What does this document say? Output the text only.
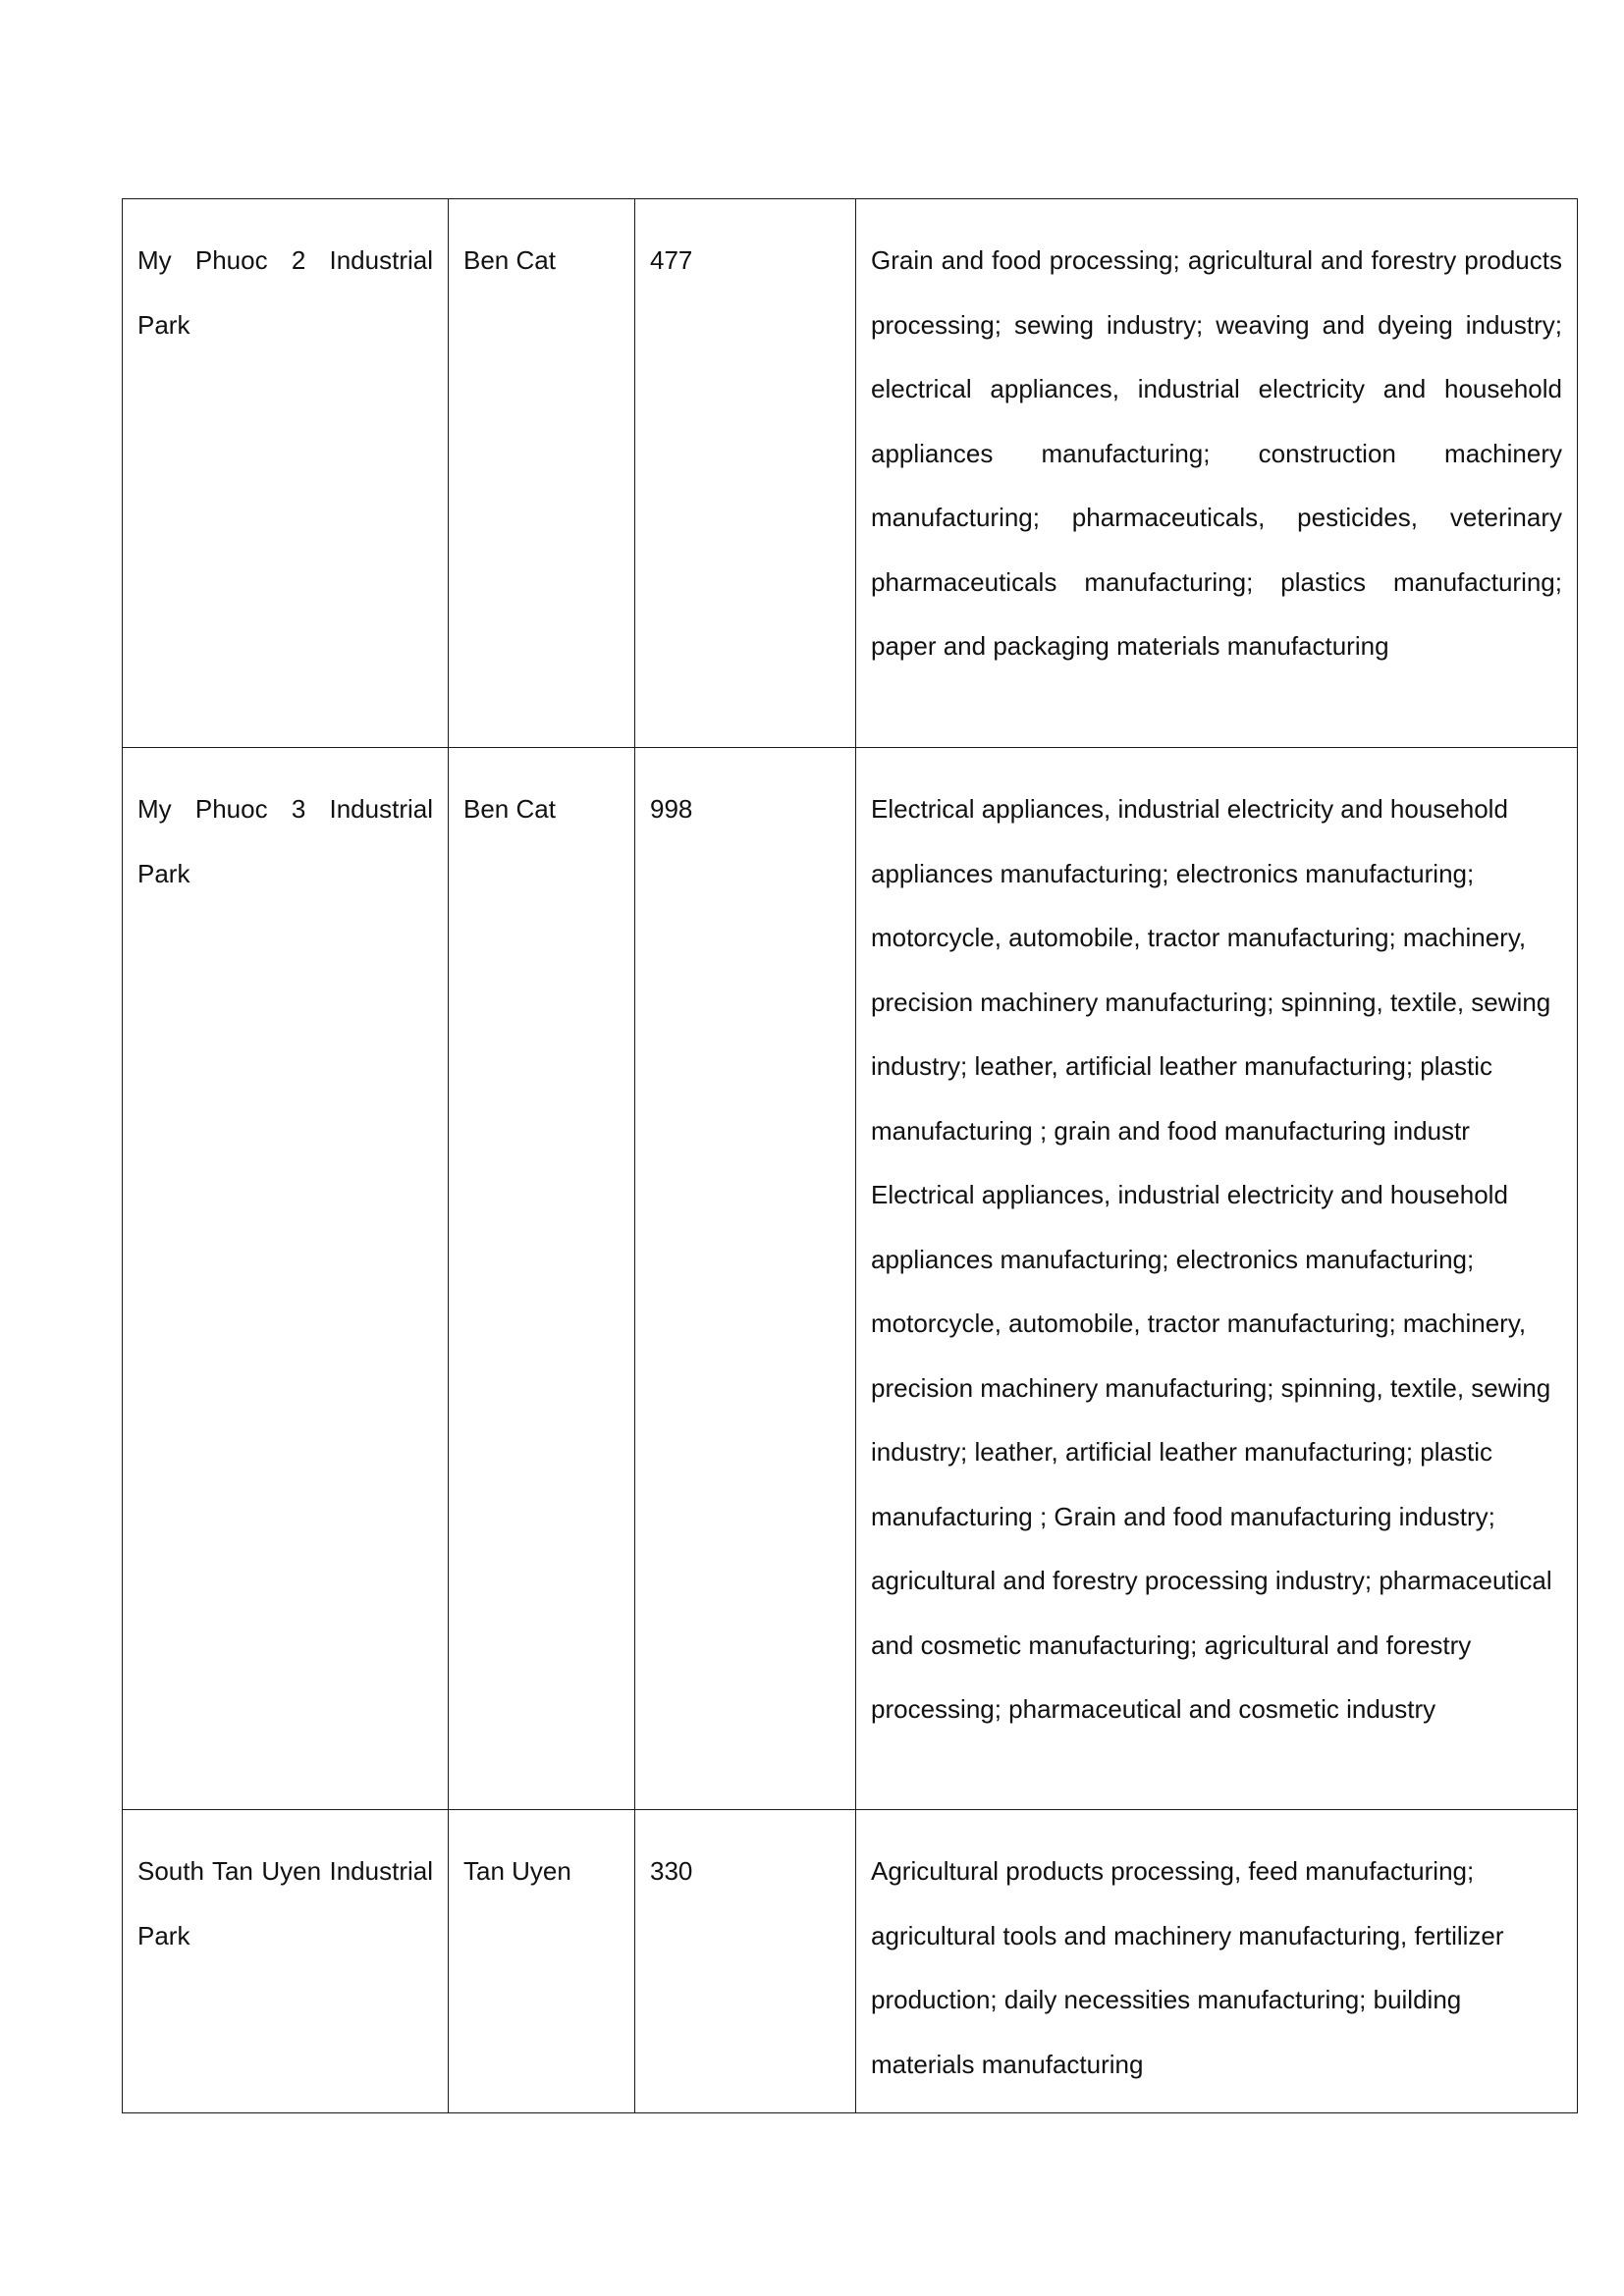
My Phuoc 2 Industrial Park	Ben Cat	477	Grain and food processing; agricultural and forestry products processing; sewing industry; weaving and dyeing industry; electrical appliances, industrial electricity and household appliances manufacturing; construction machinery manufacturing; pharmaceuticals, pesticides, veterinary pharmaceuticals manufacturing; plastics manufacturing; paper and packaging materials manufacturing
My Phuoc 3 Industrial Park	Ben Cat	998	Electrical appliances, industrial electricity and household appliances manufacturing; electronics manufacturing; motorcycle, automobile, tractor manufacturing; machinery, precision machinery manufacturing; spinning, textile, sewing industry; leather, artificial leather manufacturing; plastic manufacturing ; grain and food manufacturing industr Electrical appliances, industrial electricity and household appliances manufacturing; electronics manufacturing; motorcycle, automobile, tractor manufacturing; machinery, precision machinery manufacturing; spinning, textile, sewing industry; leather, artificial leather manufacturing; plastic manufacturing ; Grain and food manufacturing industry; agricultural and forestry processing industry; pharmaceutical and cosmetic manufacturing; agricultural and forestry processing; pharmaceutical and cosmetic industry
South Tan Uyen Industrial Park	Tan Uyen	330	Agricultural products processing, feed manufacturing; agricultural tools and machinery manufacturing, fertilizer production; daily necessities manufacturing; building materials manufacturing
